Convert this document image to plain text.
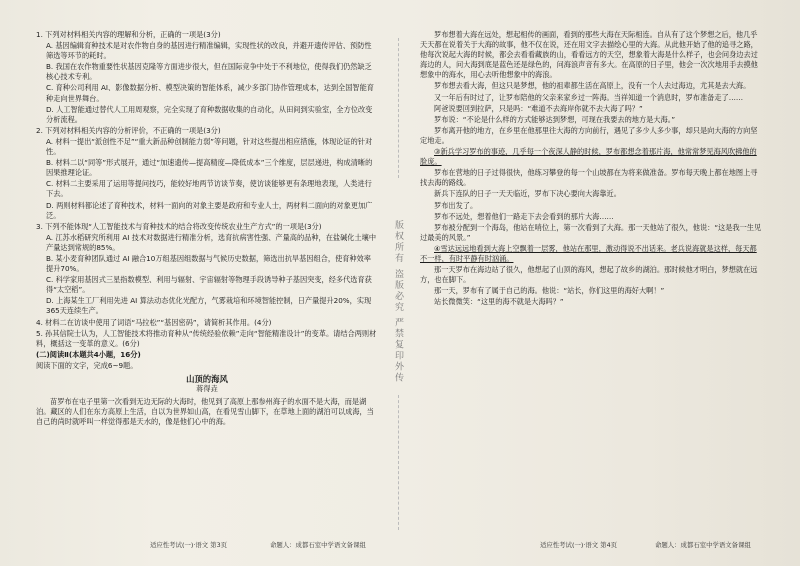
1. 下列对材料相关内容的理解和分析，正确的一项是(3分)

A. 基因编辑育种技术是对农作物自身的基因进行精准编辑，实现性状的改良，并避开遗传评估、预防性筛选等环节的耗时。

B. 我国在农作物重要性状基因克隆等方面进步很大，但在国际竞争中处于不利地位，使得我们仍然缺乏核心技术专利。

C. 育种公司利用 AI、影像数据分析、模型决策的智能体系，减少多部门协作管理成本，达到全国智能育种走向世界舞台。

D. 人工智能通过替代人工用周观察，完全实现了育种数据收集的自动化，从田间到实验室，全方位改变分析流程。

2. 下列对材料相关内容的分析评价，不正确的一项是(3分)

A. 材料一提出“派创性不足”“重大新品种创制能力弱”等问题，针对这些提出相应措施，体现论证的针对性。

B. 材料二以“同等”形式展开，通过“加速遗传—提高精度—降低成本”三个维度，层层递进，构成清晰的因果推理论证。

C. 材料二主要采用了运用等提问技巧，能较好地两节访谈节奏，使访谈能够更有条理地表现，人类进行下去。

D. 两则材料都论述了育种技术，材料一面向的对象主要是政府和专业人士，两材料二面向的对象更加广泛。

3. 下列不能体现“人工智能技术与育种技术的结合将改变传统农业生产方式”的一项是(3分)

A. 江苏水稻研究所利用 AI 技术对数据进行精准分析，选育抗病害性强、产量高的品种，在盐碱化土壤中产量达到常规的85%。

B. 某小麦育种团队通过 AI 融合10万组基因组数据与气候历史数据，筛选出抗旱基因组合，使育种效率提升70%。

C. 科学家用基因式三星指数模型、利用与辐射、宇宙辐射等物理手段诱导种子基因突变，经多代选育获得“太空稻”。

D. 上海某生工厂利用先进 AI 算法动态优化光配方，气雾栽培和环境智能控制，日产量提升20%，实现365天连续生产。

4. 材料二在访谈中使用了词语“马拉松”“基因密码”，请简析其作用。(4分)

5. 孙其信院士认为，人工智能技术将推动育种从“传统经验依赖”走向“智能精准设计”的变革。请结合两则材料，概括这一变革的意义。(6分)

(二)阅读Ⅱ(本题共4小题，16分)

阅读下面的文字，完成6~9题。

山顶的海风

蒋得垚

苗罗布在屯子里第一次看到无边无际的大海时，他见到了高原上那参州海子的水面不是大海，而是湖泊。藏区的人们在东方高原上生活，自以为世界如山高，在看见雪山脚下，在草地上面的湖泊可以成海，当自己的尚时就呼叫一样觉得那是天水的，像是他们心中的海。

适应性考试(一)·语文 第3页	命题人：成都石室中学语文备课组
版权所有 盗版必究 严禁复印外传

罗布想着大海在远处，想起相传的画面，看到的那些大海在天际相连。自从有了这个梦想之后，他几乎天天都在说着关于大海的故事，他不仅在说，还在用文字去描绘心里的大海。从此他开始了他的追寻之路，他每次说起大海的时候，都会去看看藏族的山，看看远方的天空，想象着大海是什么样子，也会问身边去过海边的人，问大海到底是蓝色还是绿色的，问海浪声音有多大。在高原的日子里，他会一次次地用手去摸他想象中的海水，用心去听他想象中的海浪。

罗布想去看大海，但这只是梦想，他的祖辈都生活在高原上，没有一个人去过海边，尤其是去大海。

又一年后有时过了，让罗布陪他的父亲来家乡过一阵海。当祥知道一个消息时，罗布准备走了……

阿爸说要回到拉萨，只是吗：“难道不去海岸你就不去大海了吗？”

罗布说：“不论是什么样的方式能够达到梦想，可现在我要去的地方是大海。”

罗布离开他的地方，在乡里在他那里往大海的方向前行，遇见了多少人多少事，却只是向大海的方向坚定地走。

③新兵学习罗布的事迹，几乎每一个夜深人静的时候，罗布都想念着那片海，他常常梦见海风吹拂他的脸庞。

罗布在营地的日子过得很快，他练习攀登的每一个山坡都在为将来做准备。罗布每天晚上都在地图上寻找去海的路线。

新兵下连队的日子一天天临近，罗布下决心要向大海靠近。

罗布出发了。

罗布不远处，想着他们一路走下去会看到的那片大海……

罗布被分配到一个海岛，他站在哨位上，第一次看到了大海。那一天他站了很久，他说：“这是我一生见过最美的风景。”

④雪达远远地看到大海上空飘着一层雾，他站在那里，激动得说不出话来。老兵说海就是这样，每天都不一样，有时平静有时汹涌。

那一天罗布在海边站了很久，他想起了山顶的海风，想起了故乡的湖泊。那时候他才明白，梦想就在远方，也在脚下。

那一天，罗布有了属于自己的海。他说：“站长，你们这里的海好大啊！”

站长微微笑：“这里的海不就是大海吗？”

适应性考试(一)·语文 第4页	命题人：成都石室中学语文备课组
